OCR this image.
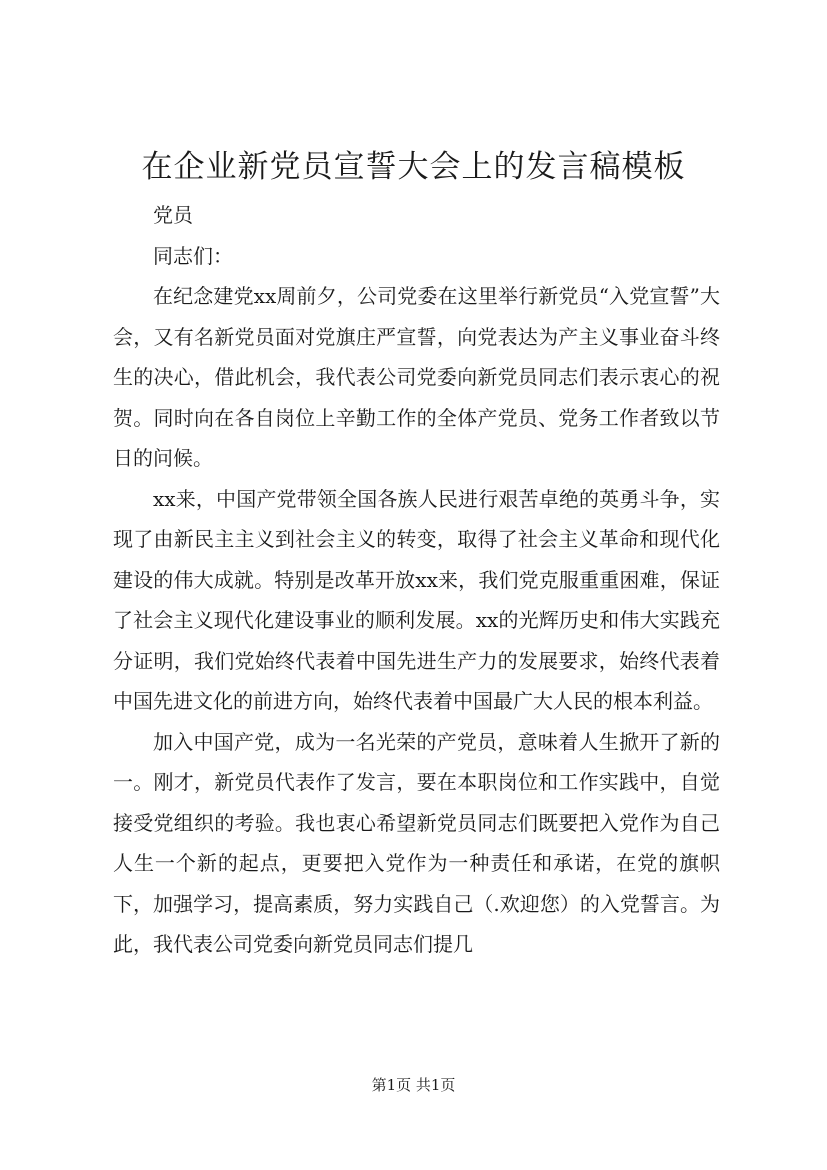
在企业新党员宣誓大会上的发言稿模板

党员

同志们：

在纪念建党xx周前夕，公司党委在这里举行新党员“入党宣誓”大会，又有名新党员面对党旗庄严宣誓，向党表达为产主义事业奋斗终生的决心，借此机会，我代表公司党委向新党员同志们表示衷心的祝贺。同时向在各自岗位上辛勤工作的全体产党员、党务工作者致以节日的问候。

xx来，中国产党带领全国各族人民进行艰苦卓绝的英勇斗争，实现了由新民主主义到社会主义的转变，取得了社会主义革命和现代化建设的伟大成就。特别是改革开放xx来，我们党克服重重困难，保证了社会主义现代化建设事业的顺利发展。xx的光辉历史和伟大实践充分证明，我们党始终代表着中国先进生产力的发展要求，始终代表着中国先进文化的前进方向，始终代表着中国最广大人民的根本利益。

加入中国产党，成为一名光荣的产党员，意味着人生掀开了新的一。刚才，新党员代表作了发言，要在本职岗位和工作实践中，自觉接受党组织的考验。我也衷心希望新党员同志们既要把入党作为自己人生一个新的起点，更要把入党作为一种责任和承诺，在党的旗帜下，加强学习，提高素质，努力实践自己（.欢迎您）的入党誓言。为此，我代表公司党委向新党员同志们提几

第1页 共1页
